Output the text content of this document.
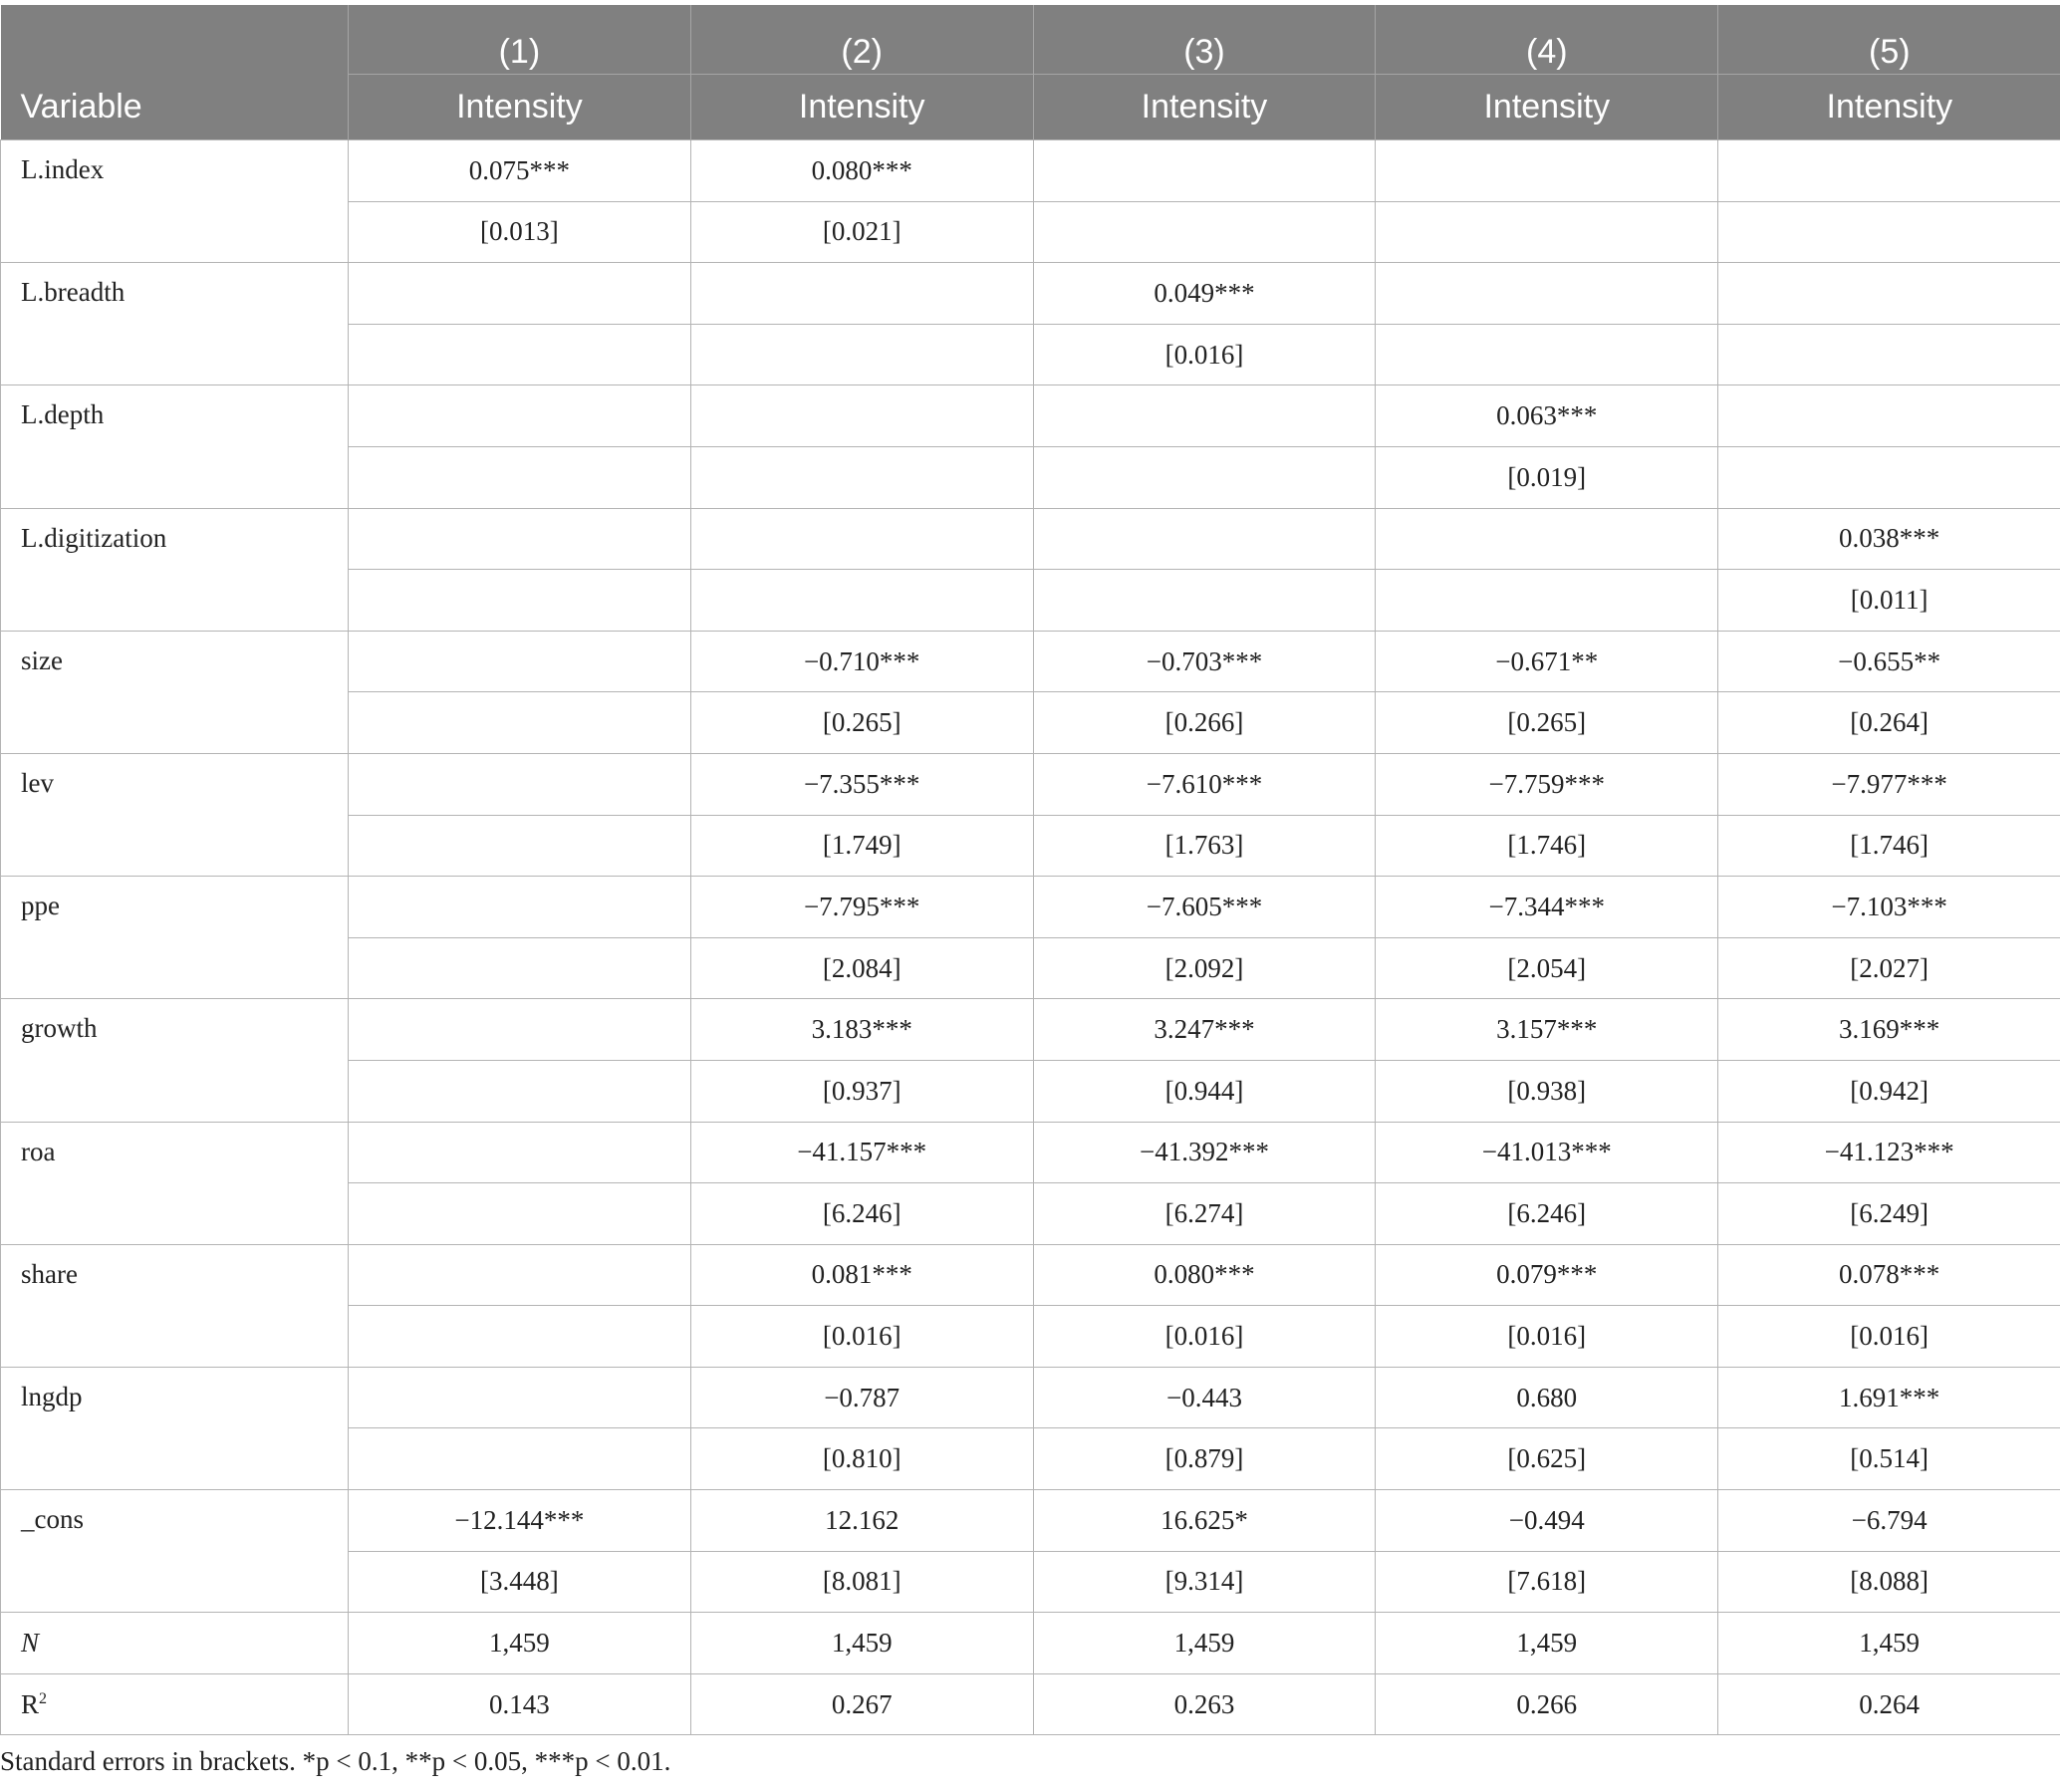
	(1)	(2)	(3)	(4)	(5)
Variable	Intensity	Intensity	Intensity	Intensity	Intensity
L.index	0.075***	0.080***			
	[0.013]	[0.021]			
L.breadth			0.049***		
			[0.016]		
L.depth				0.063***	
				[0.019]	
L.digitization					0.038***
					[0.011]
size		−0.710***	−0.703***	−0.671**	−0.655**
		[0.265]	[0.266]	[0.265]	[0.264]
lev		−7.355***	−7.610***	−7.759***	−7.977***
		[1.749]	[1.763]	[1.746]	[1.746]
ppe		−7.795***	−7.605***	−7.344***	−7.103***
		[2.084]	[2.092]	[2.054]	[2.027]
growth		3.183***	3.247***	3.157***	3.169***
		[0.937]	[0.944]	[0.938]	[0.942]
roa		−41.157***	−41.392***	−41.013***	−41.123***
		[6.246]	[6.274]	[6.246]	[6.249]
share		0.081***	0.080***	0.079***	0.078***
		[0.016]	[0.016]	[0.016]	[0.016]
lngdp		−0.787	−0.443	0.680	1.691***
		[0.810]	[0.879]	[0.625]	[0.514]
_cons	−12.144***	12.162	16.625*	−0.494	−6.794
	[3.448]	[8.081]	[9.314]	[7.618]	[8.088]
N	1,459	1,459	1,459	1,459	1,459
$R^2$	0.143	0.267	0.263	0.266	0.264
Standard errors in brackets. *p < 0.1, **p < 0.05, ***p < 0.01.
